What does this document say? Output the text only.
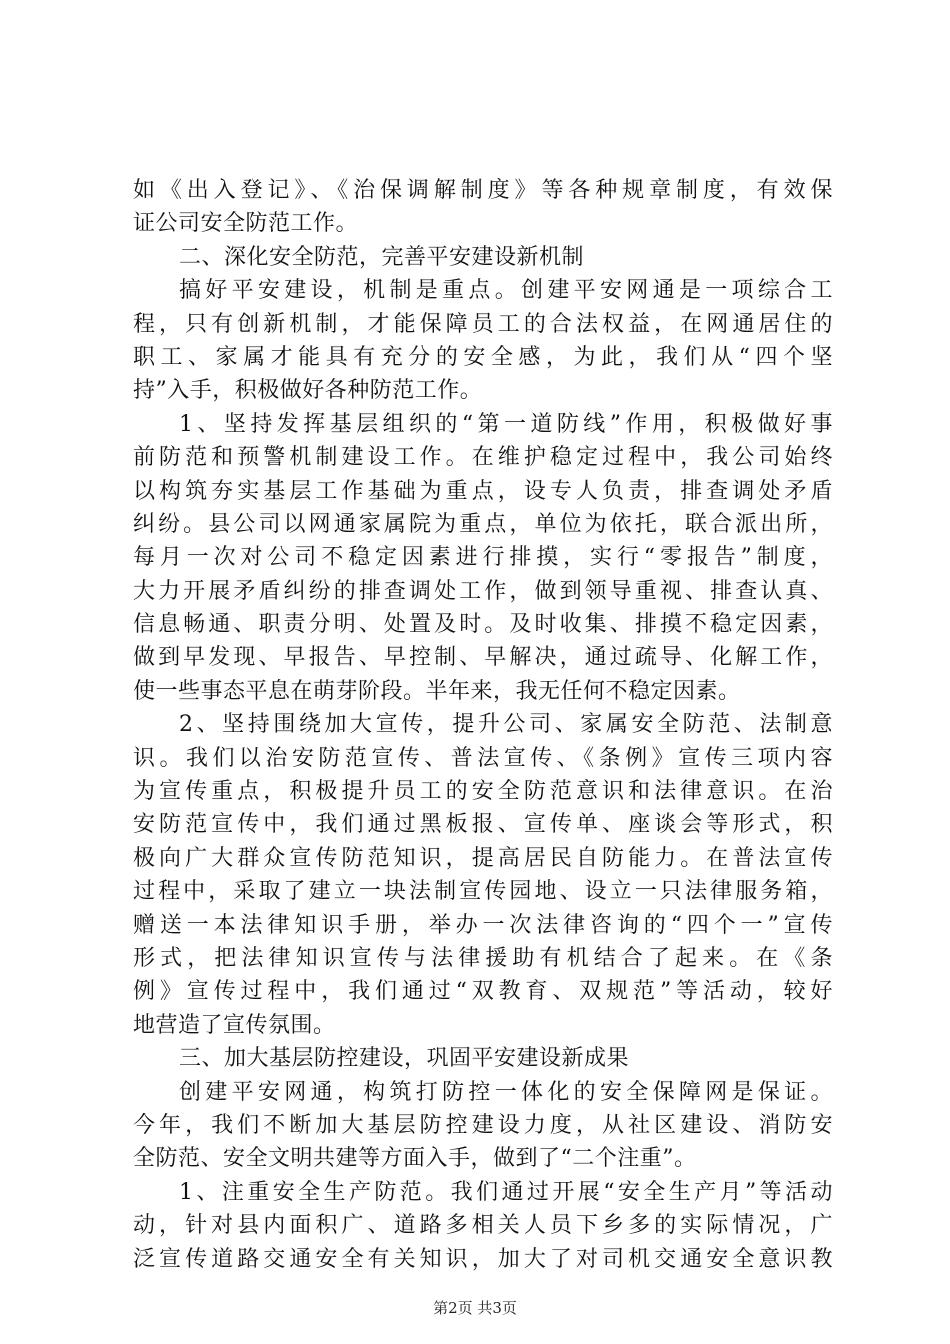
如《出入登记》、《治保调解制度》等各种规章制度，有效保
证公司安全防范工作。
二、深化安全防范，完善平安建设新机制
搞好平安建设，机制是重点。创建平安网通是一项综合工
程，只有创新机制，才能保障员工的合法权益，在网通居住的
职工、家属才能具有充分的安全感，为此，我们从“四个坚
持”入手，积极做好各种防范工作。
1、坚持发挥基层组织的“第一道防线”作用，积极做好事
前防范和预警机制建设工作。在维护稳定过程中，我公司始终
以构筑夯实基层工作基础为重点，设专人负责，排查调处矛盾
纠纷。县公司以网通家属院为重点，单位为依托，联合派出所，
每月一次对公司不稳定因素进行排摸，实行“零报告”制度，
大力开展矛盾纠纷的排查调处工作，做到领导重视、排查认真、
信息畅通、职责分明、处置及时。及时收集、排摸不稳定因素，
做到早发现、早报告、早控制、早解决，通过疏导、化解工作，
使一些事态平息在萌芽阶段。半年来，我无任何不稳定因素。
2、坚持围绕加大宣传，提升公司、家属安全防范、法制意
识。我们以治安防范宣传、普法宣传、《条例》宣传三项内容
为宣传重点，积极提升员工的安全防范意识和法律意识。在治
安防范宣传中，我们通过黑板报、宣传单、座谈会等形式，积
极向广大群众宣传防范知识，提高居民自防能力。在普法宣传
过程中，采取了建立一块法制宣传园地、设立一只法律服务箱，
赠送一本法律知识手册，举办一次法律咨询的“四个一”宣传
形式，把法律知识宣传与法律援助有机结合了起来。在《条
例》宣传过程中，我们通过“双教育、双规范”等活动，较好
地营造了宣传氛围。
三、加大基层防控建设，巩固平安建设新成果
创建平安网通，构筑打防控一体化的安全保障网是保证。
今年，我们不断加大基层防控建设力度，从社区建设、消防安
全防范、安全文明共建等方面入手，做到了“二个注重”。
1、注重安全生产防范。我们通过开展“安全生产月”等活动
动，针对县内面积广、道路多相关人员下乡多的实际情况，广
泛宣传道路交通安全有关知识，加大了对司机交通安全意识教
第2页 共3页
